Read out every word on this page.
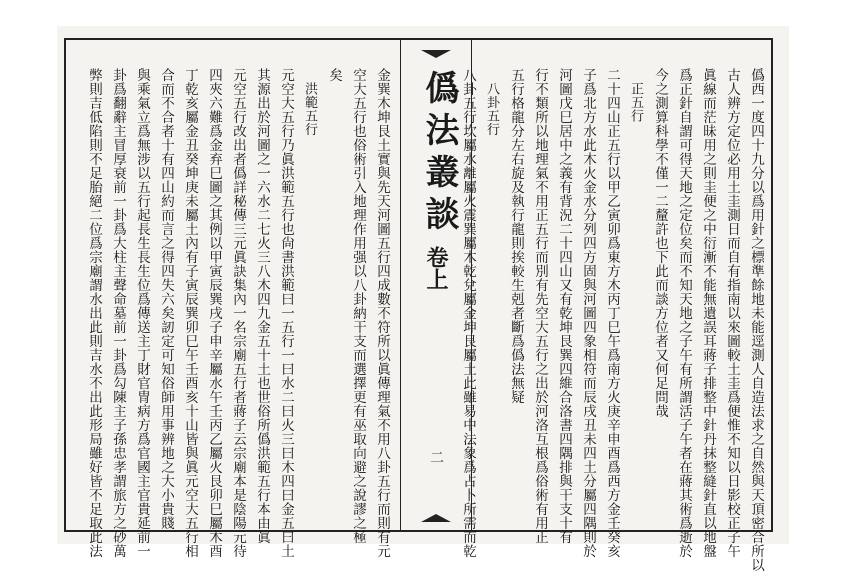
僞西一度四十九分以爲用針之標準餘地未能逕測人自造法求之自然與天頂密合所以
古人辨方定位必用土圭測日而自有指南以來圖較土圭爲便惟不知以日影校正子午
眞線而茫昧用之則圭便之中衍漸不能無遺誤耳蔣子排整中針丹抹整縫針直以地盤
爲正針自謂可得天地之定位矣而不知天地之子午有所謂活子午者在蔣其術爲逝於
今之測算科學不僅一二釐許也下此而談方位者又何足問哉
正五行
二十四山正五行以甲乙寅卯爲東方木丙丁巳午爲南方火庚辛申酉爲西方金壬癸亥
子爲北方水此木火金水分列四方固與河圖四象相符而辰戌丑未四土分屬四隅則於
河圖戊巳居中之義有背況二十四山又有乾坤艮巽四維合洛書四隅排與干支十有
行不類所以地理氣不用正五行而別有先空大五行之出於河洛互根爲俗術有用正
五行格龍分左右旋及執行龍則挨較生剋者斷爲僞法無疑
八卦五行
八卦五行坎屬水離屬火震巽屬木乾兌屬金坤艮屬土此雖易中法象爲占卜所需而乾
僞法叢談
卷上
二
金巽木坤艮土實與先天河圖五行四成數不符所以眞傳理氣不用八卦五行而則有元
空大五行也俗術引入地理作用强以八卦納干支而選擇更有巫取向避之說謬之極
矣
洪範五行
元空大五行乃眞洪範五行也尙書洪範曰一五行一曰水二曰火三曰木四曰金五曰土
其源出於河圖之一六水二七火三八木四九金五十土也世俗所僞洪範五行本由眞
元空五行改出者僞詳秘傳三元眞訣集內一名宗廟五行者蔣子云宗廟本是陰陽元待
四夾六難爲金弃巳圖之其例以甲寅辰巽戌子申辛屬水午壬丙乙屬火艮卯巳屬木酉
丁乾亥屬金丑癸坤庚未屬土內有子寅辰巽卯巳午壬酉亥十山皆與眞元空大五行相
合而不合者十有四山約而言之得四失六矣訒定可知俗師用事辨地之大小貴賤
與乘氣立爲無涉以五行起長生長生位爲傳送主丁財官冑病方爲官國主官貴延前一
卦爲翻辭主冒厚衰前一卦爲大柱主聲命墓前一卦爲勾陳主子孫忠孝謂旅方之砂萬
弊則吉低陷則不足胎絕二位爲宗廟謂水出此則吉水不出此形局雖好皆不足取此法
